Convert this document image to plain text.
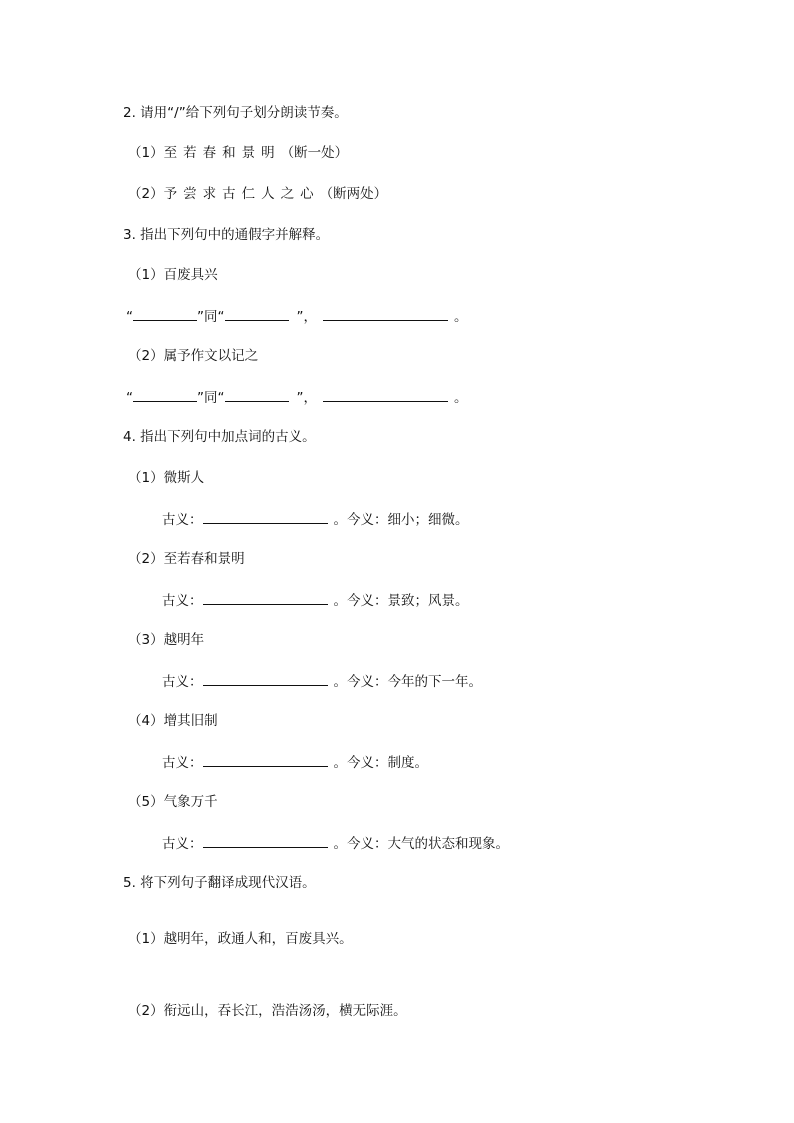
2. 请用“/”给下列句子划分朗读节奏。
（1）至若春和景明（断一处）
（2）予尝求古仁人之心（断两处）
3. 指出下列句中的通假字并解释。
（1）百废具兴
“	”同“	”，	。
（2）属予作文以记之
“	”同“	”，	。
4. 指出下列句中加点词的古义。
（1）微斯人
古义：	。今义：细小；细微。
（2）至若春和景明
古义：	。今义：景致；风景。
（3）越明年
古义：	。今义：今年的下一年。
（4）增其旧制
古义：	。今义：制度。
（5）气象万千
古义：	。今义：大气的状态和现象。
5. 将下列句子翻译成现代汉语。
（1）越明年，政通人和，百废具兴。
（2）衔远山，吞长江，浩浩汤汤，横无际涯。
